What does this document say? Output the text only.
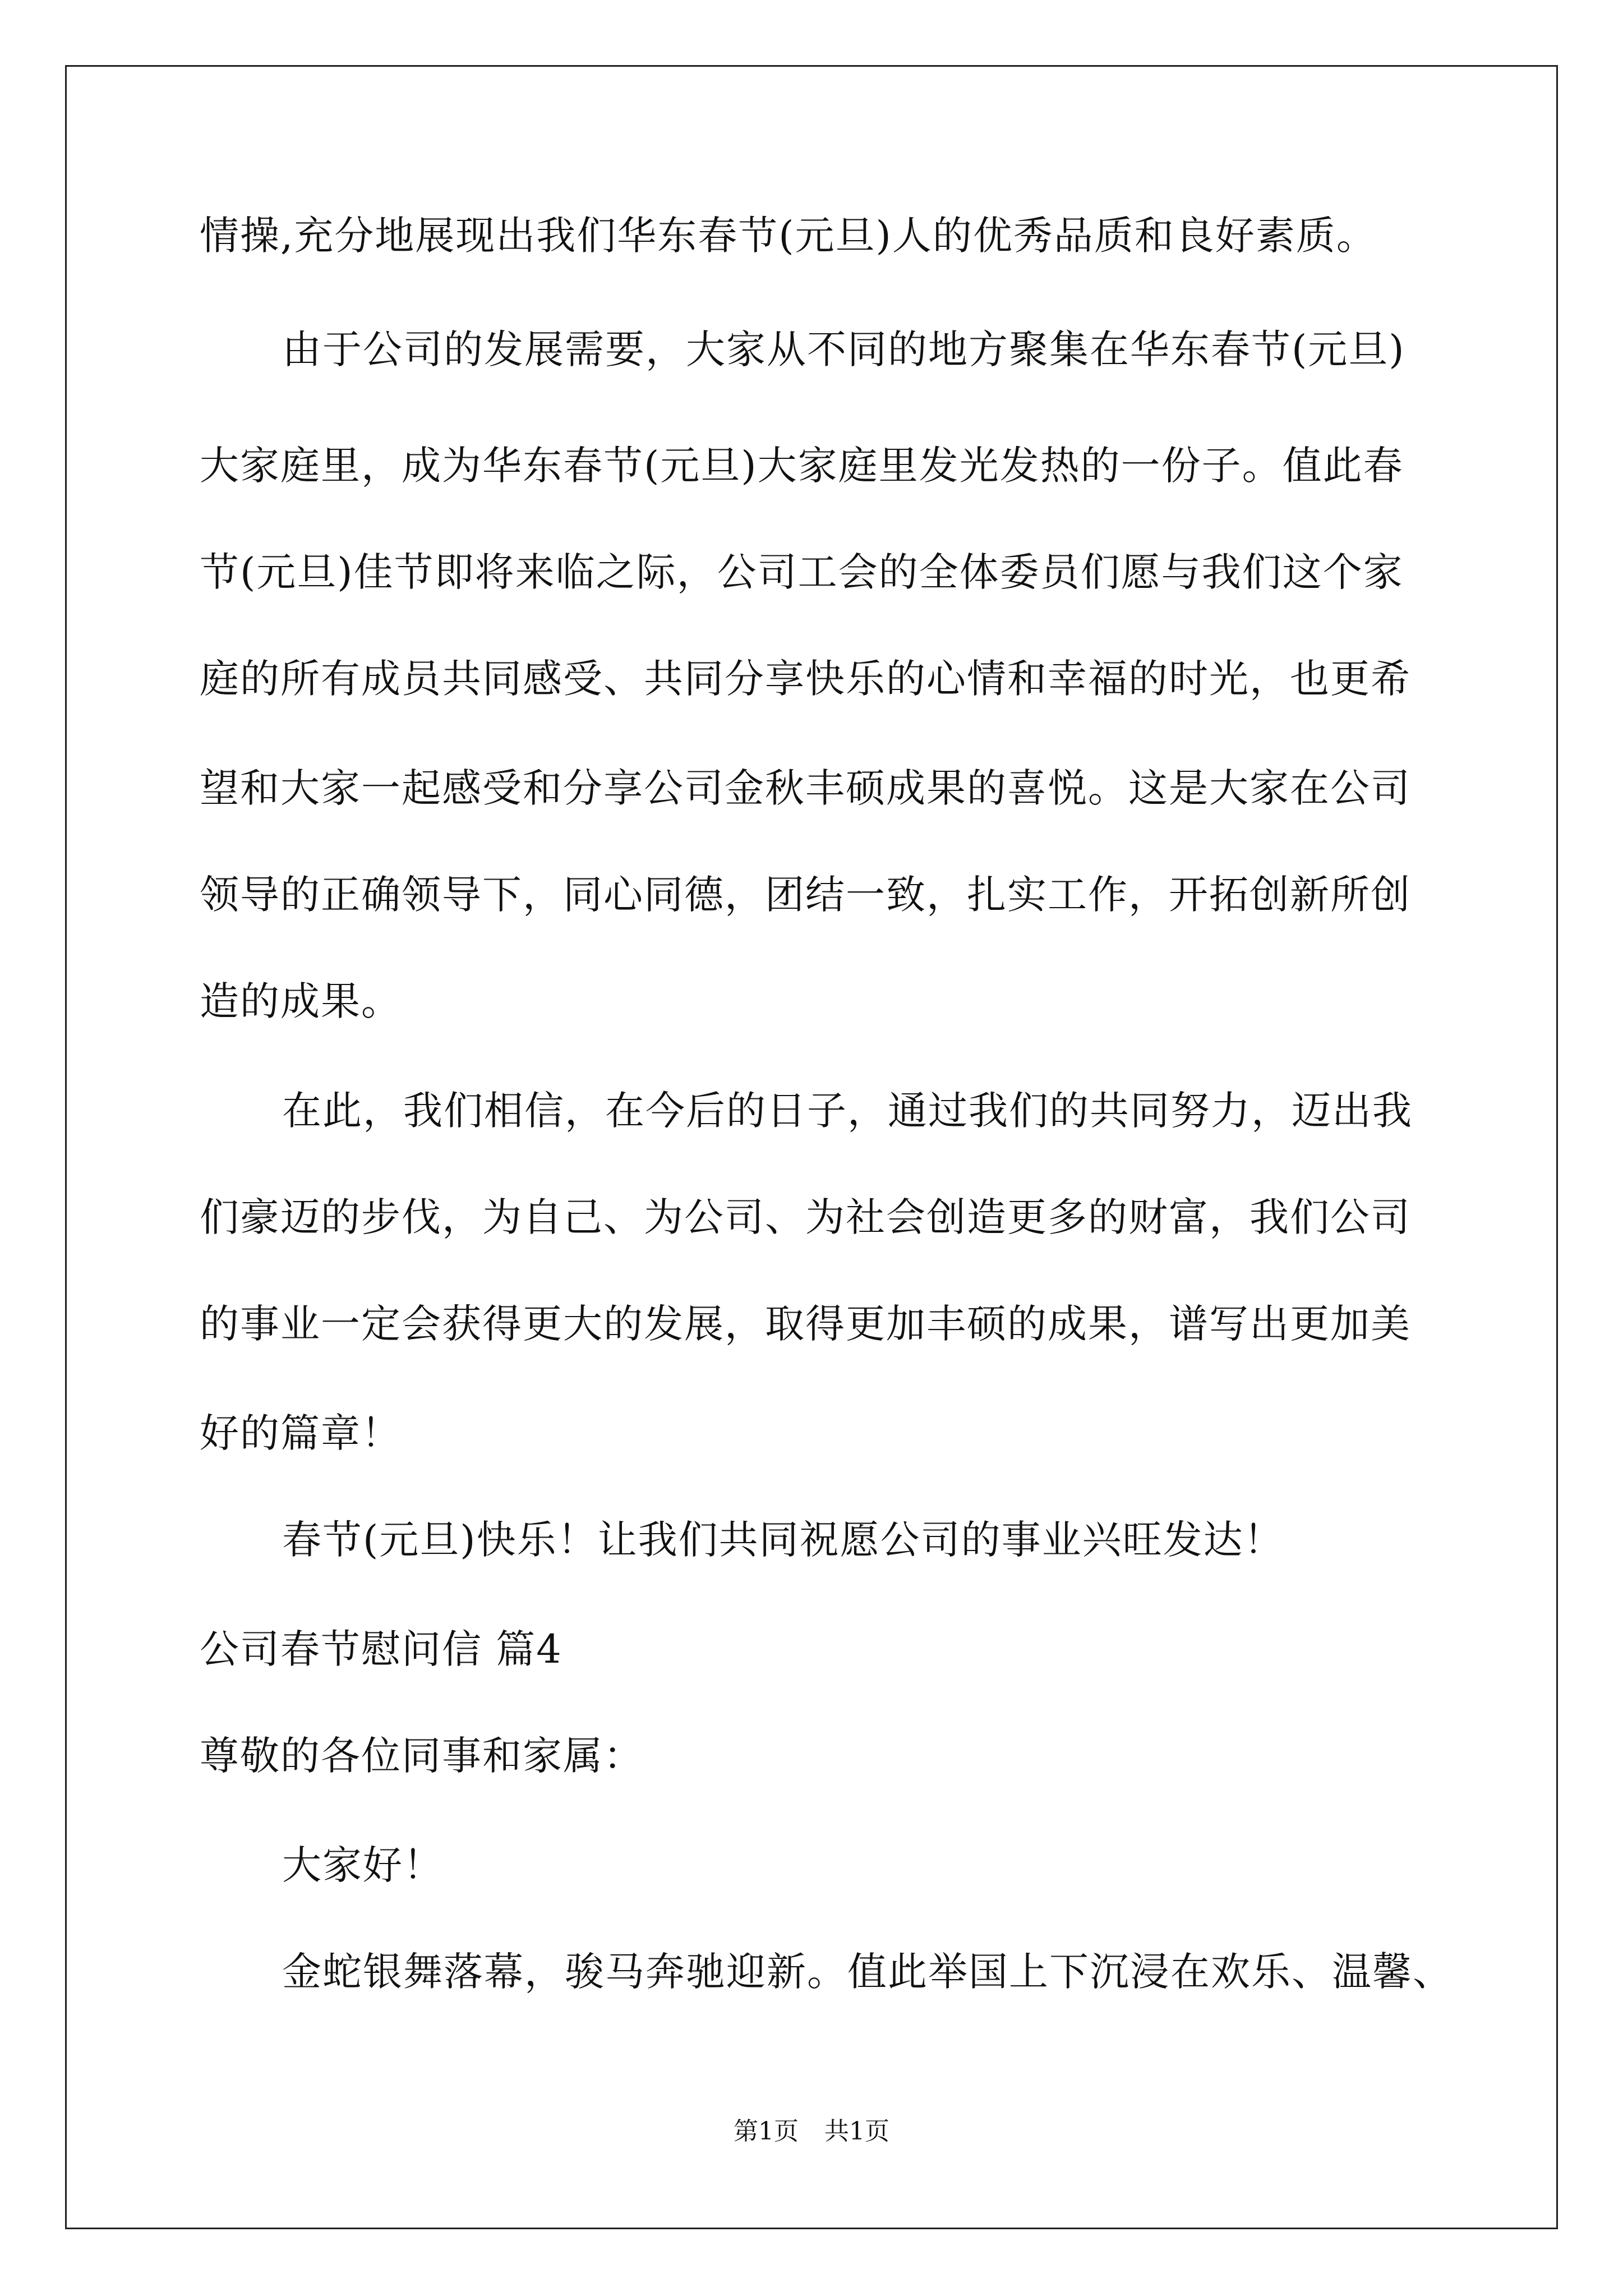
情操,充分地展现出我们华东春节(元旦)人的优秀品质和良好素质。
由于公司的发展需要，大家从不同的地方聚集在华东春节(元旦)
大家庭里，成为华东春节(元旦)大家庭里发光发热的一份子。值此春
节(元旦)佳节即将来临之际，公司工会的全体委员们愿与我们这个家
庭的所有成员共同感受、共同分享快乐的心情和幸福的时光，也更希
望和大家一起感受和分享公司金秋丰硕成果的喜悦。这是大家在公司
领导的正确领导下，同心同德，团结一致，扎实工作，开拓创新所创
造的成果。
在此，我们相信，在今后的日子，通过我们的共同努力，迈出我
们豪迈的步伐，为自己、为公司、为社会创造更多的财富，我们公司
的事业一定会获得更大的发展，取得更加丰硕的成果，谱写出更加美
好的篇章！
春节(元旦)快乐！让我们共同祝愿公司的事业兴旺发达！
公司春节慰问信 篇4
尊敬的各位同事和家属：
大家好！
金蛇银舞落幕，骏马奔驰迎新。值此举国上下沉浸在欢乐、温馨、
第1页 共1页
